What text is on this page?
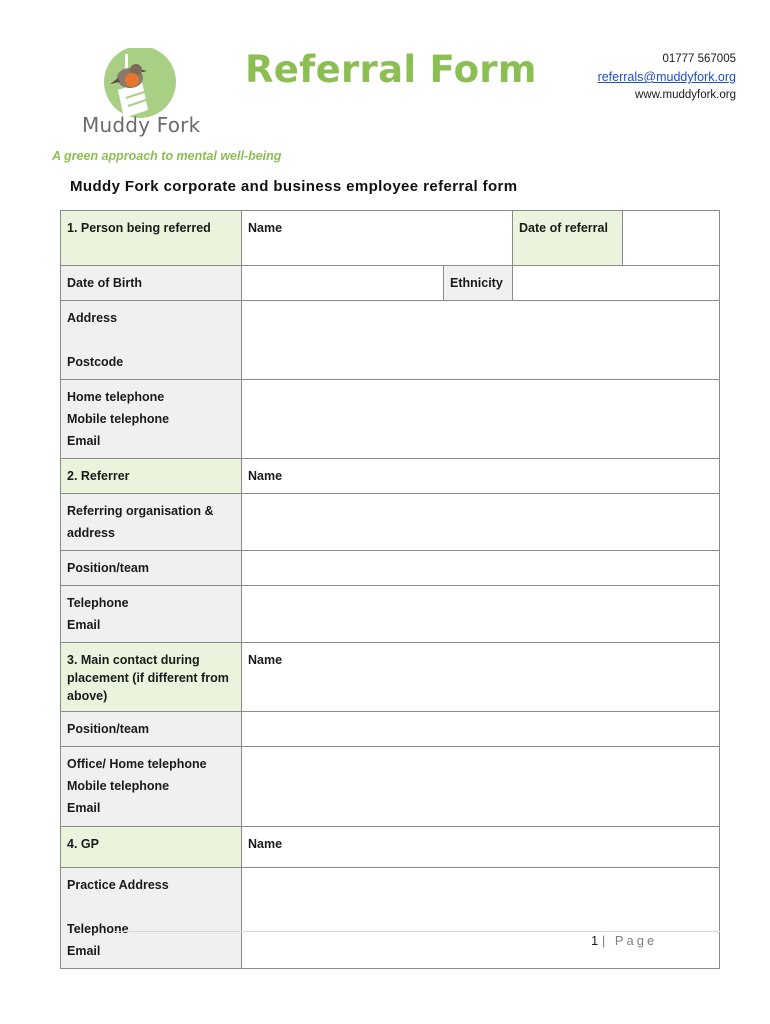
Muddy Fork
Referral Form	01777 567005
referrals@muddyfork.org
www.muddyfork.org
A green approach to mental well-being
Muddy Fork corporate and business employee referral form
1. Person being referred	Name		Date of referral	
Date of Birth		Ethnicity		

Address
Postcode				

Home telephone
Mobile telephone
Email				

2. Referrer	Name			
Referring organisation & address				
Position/team				

Telephone
Email				

3. Main contact during placement (if different from above)	Name			
Position/team				

Office/ Home telephone
Mobile telephone
Email				

4. GP	Name			

Practice Address
Telephone
Email				

1 | Page
